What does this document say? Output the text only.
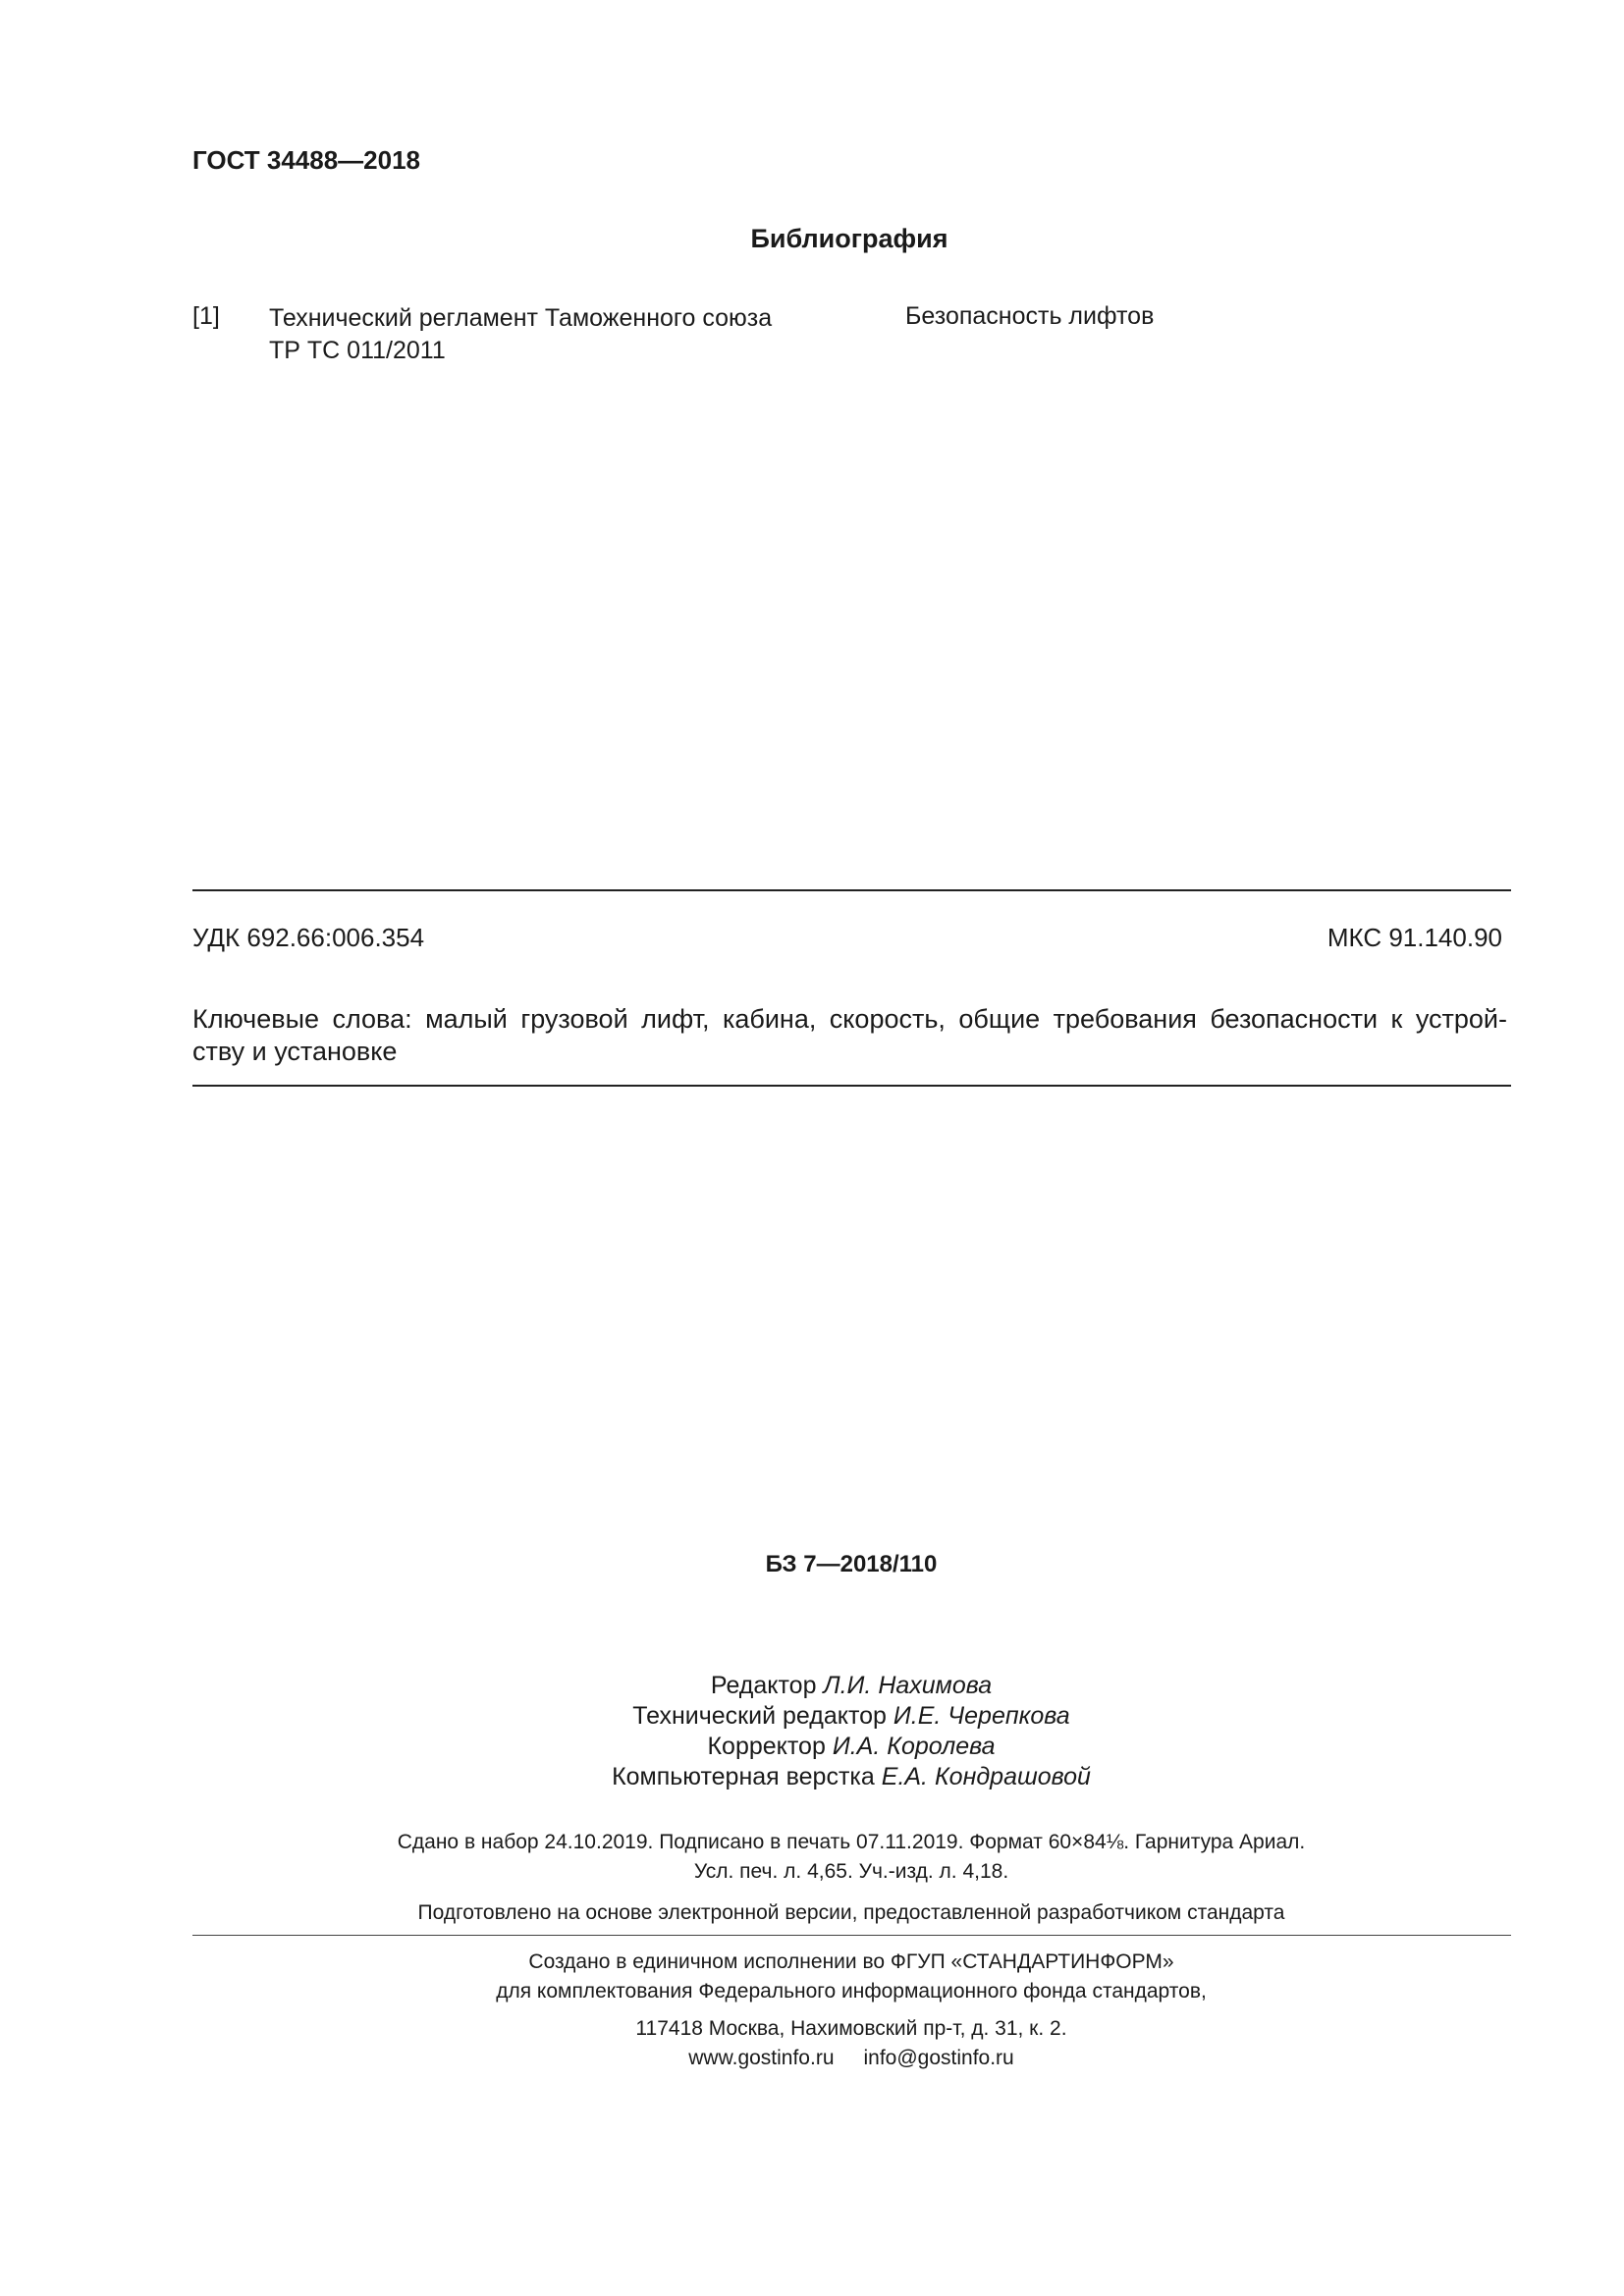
ГОСТ 34488—2018
Библиография
[1] Технический регламент Таможенного союза
ТР ТС 011/2011
Безопасность лифтов
УДК 692.66:006.354	МКС 91.140.90
Ключевые слова: малый грузовой лифт, кабина, скорость, общие требования безопасности к устрой-
ству и установке
БЗ 7—2018/110
Редактор Л.И. Нахимова
Технический редактор И.Е. Черепкова
Корректор И.А. Королева
Компьютерная верстка Е.А. Кондрашовой
Сдано в набор 24.10.2019. Подписано в печать 07.11.2019. Формат 60×84⅛. Гарнитура Ариал.
Усл. печ. л. 4,65. Уч.-изд. л. 4,18.
Подготовлено на основе электронной версии, предоставленной разработчиком стандарта
Создано в единичном исполнении во ФГУП «СТАНДАРТИНФОРМ»
для комплектования Федерального информационного фонда стандартов,
117418 Москва, Нахимовский пр-т, д. 31, к. 2.
www.gostinfo.ru info@gostinfo.ru
